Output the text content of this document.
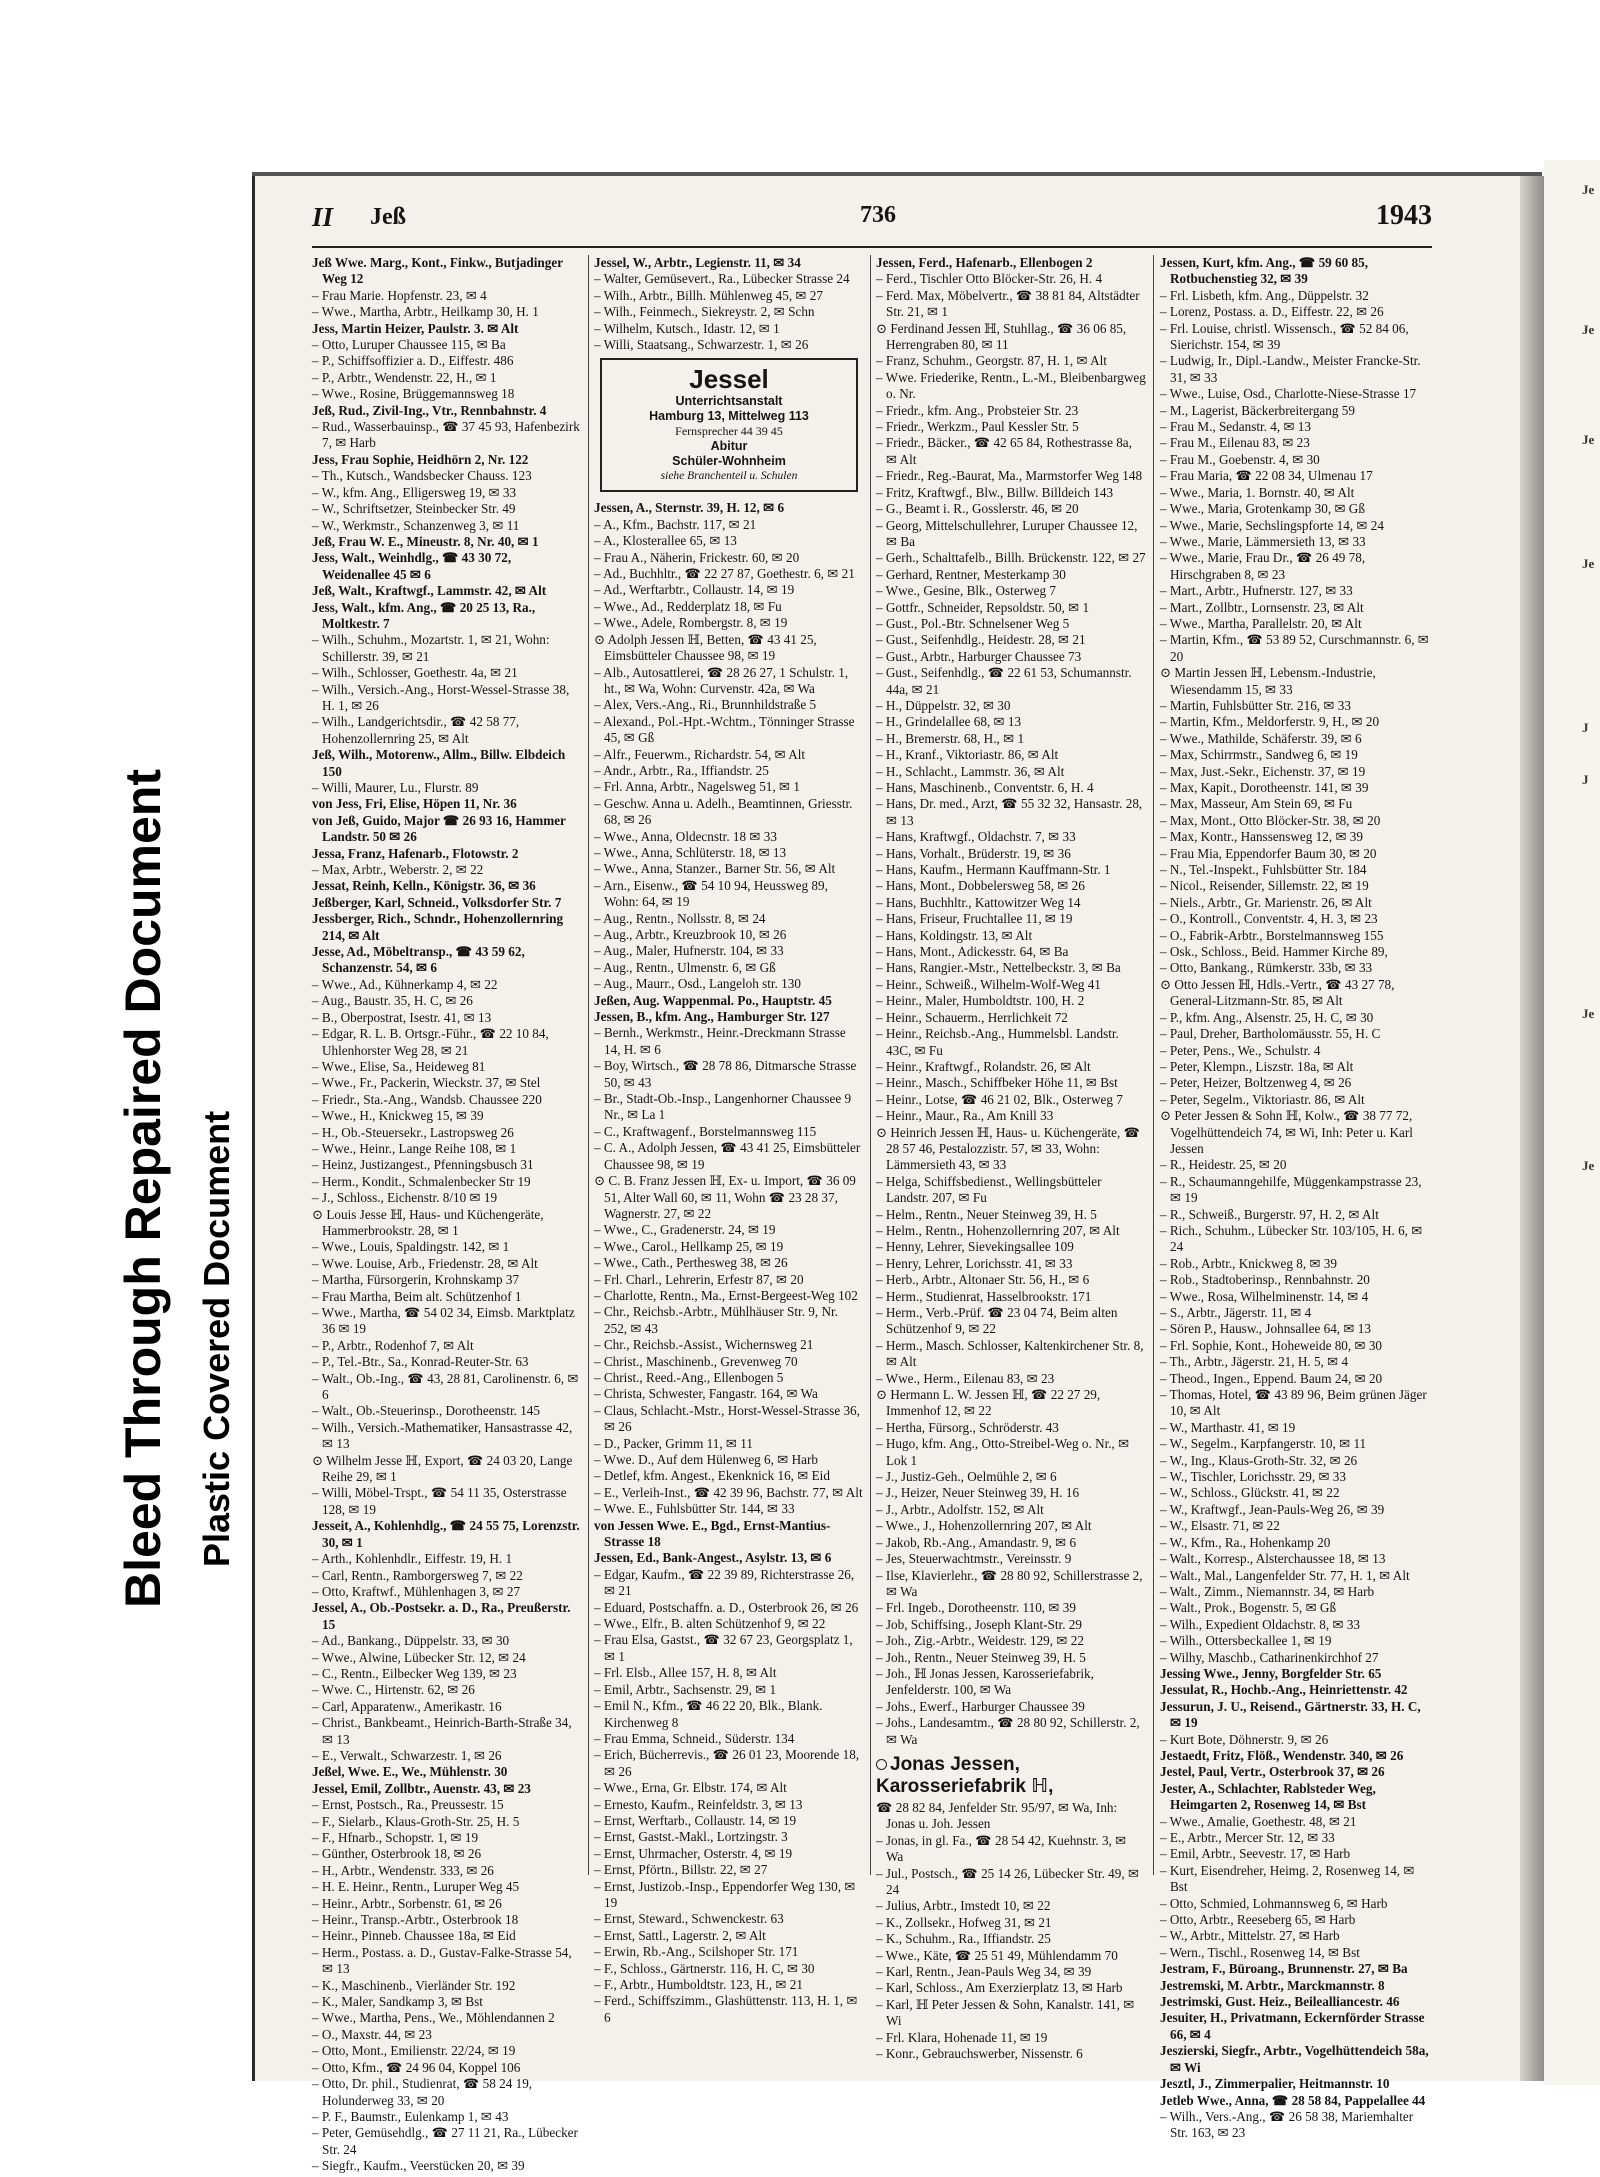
Bleed Through Repaired Document Plastic Covered Document
Je
Je
Je
Je
J
J
Je
Je
II Jeß	736	1943

Jeß Wwe. Marg., Kont., Finkw., Butjadinger Weg 12

– Frau Marie. Hopfenstr. 23, ✉ 4

– Wwe., Martha, Arbtr., Heilkamp 30, H. 1

Jess, Martin Heizer, Paulstr. 3. ✉ Alt

– Otto, Luruper Chaussee 115, ✉ Ba

– P., Schiffsoffizier a. D., Eiffestr. 486

– P., Arbtr., Wendenstr. 22, H., ✉ 1

– Wwe., Rosine, Brüggemannsweg 18

Jeß, Rud., Zivil-Ing., Vtr., Rennbahnstr. 4

– Rud., Wasserbauinsp., ☎ 37 45 93, Hafenbezirk 7, ✉ Harb

Jess, Frau Sophie, Heidhörn 2, Nr. 122

– Th., Kutsch., Wandsbecker Chauss. 123

– W., kfm. Ang., Elligersweg 19, ✉ 33

– W., Schriftsetzer, Steinbecker Str. 49

– W., Werkmstr., Schanzenweg 3, ✉ 11

Jeß, Frau W. E., Mineustr. 8, Nr. 40, ✉ 1

Jess, Walt., Weinhdlg., ☎ 43 30 72, Weidenallee 45 ✉ 6

Jeß, Walt., Kraftwgf., Lammstr. 42, ✉ Alt

Jess, Walt., kfm. Ang., ☎ 20 25 13, Ra., Moltkestr. 7

– Wilh., Schuhm., Mozartstr. 1, ✉ 21, Wohn: Schillerstr. 39, ✉ 21

– Wilh., Schlosser, Goethestr. 4a, ✉ 21

– Wilh., Versich.-Ang., Horst-Wessel-Strasse 38, H. 1, ✉ 26

– Wilh., Landgerichtsdir., ☎ 42 58 77, Hohenzollernring 25, ✉ Alt

Jeß, Wilh., Motorenw., Allm., Billw. Elbdeich 150

– Willi, Maurer, Lu., Flurstr. 89

von Jess, Fri, Elise, Höpen 11, Nr. 36

von Jeß, Guido, Major ☎ 26 93 16, Hammer Landstr. 50 ✉ 26

Jessa, Franz, Hafenarb., Flotowstr. 2

– Max, Arbtr., Weberstr. 2, ✉ 22

Jessat, Reinh, Kelln., Königstr. 36, ✉ 36

Jeßberger, Karl, Schneid., Volksdorfer Str. 7

Jessberger, Rich., Schndr., Hohenzollernring 214, ✉ Alt

Jesse, Ad., Möbeltransp., ☎ 43 59 62, Schanzenstr. 54, ✉ 6

– Wwe., Ad., Kühnerkamp 4, ✉ 22

– Aug., Baustr. 35, H. C, ✉ 26

– B., Oberpostrat, Isestr. 41, ✉ 13

– Edgar, R. L. B. Ortsgr.-Führ., ☎ 22 10 84, Uhlenhorster Weg 28, ✉ 21

– Wwe., Elise, Sa., Heideweg 81

– Wwe., Fr., Packerin, Wieckstr. 37, ✉ Stel

– Friedr., Sta.-Ang., Wandsb. Chaussee 220

– Wwe., H., Knickweg 15, ✉ 39

– H., Ob.-Steuersekr., Lastropsweg 26

– Wwe., Heinr., Lange Reihe 108, ✉ 1

– Heinz, Justizangest., Pfenningsbusch 31

– Herm., Kondit., Schmalenbecker Str 19

– J., Schloss., Eichenstr. 8/10 ✉ 19

⊙ Louis Jesse ℍ, Haus- und Küchengeräte, Hammerbrookstr. 28, ✉ 1

– Wwe., Louis, Spaldingstr. 142, ✉ 1

– Wwe. Louise, Arb., Friedenstr. 28, ✉ Alt

– Martha, Fürsorgerin, Krohnskamp 37

– Frau Martha, Beim alt. Schützenhof 1

– Wwe., Martha, ☎ 54 02 34, Eimsb. Marktplatz 36 ✉ 19

– P., Arbtr., Rodenhof 7, ✉ Alt

– P., Tel.-Btr., Sa., Konrad-Reuter-Str. 63

– Walt., Ob.-Ing., ☎ 43, 28 81, Carolinenstr. 6, ✉ 6

– Walt., Ob.-Steuerinsp., Dorotheenstr. 145

– Wilh., Versich.-Mathematiker, Hansastrasse 42, ✉ 13

⊙ Wilhelm Jesse ℍ, Export, ☎ 24 03 20, Lange Reihe 29, ✉ 1

– Willi, Möbel-Trspt., ☎ 54 11 35, Osterstrasse 128, ✉ 19

Jesseit, A., Kohlenhdlg., ☎ 24 55 75, Lorenzstr. 30, ✉ 1

– Arth., Kohlenhdlr., Eiffestr. 19, H. 1

– Carl, Rentn., Ramborgersweg 7, ✉ 22

– Otto, Kraftwf., Mühlenhagen 3, ✉ 27

Jessel, A., Ob.-Postsekr. a. D., Ra., Preußerstr. 15

– Ad., Bankang., Düppelstr. 33, ✉ 30

– Wwe., Alwine, Lübecker Str. 12, ✉ 24

– C., Rentn., Eilbecker Weg 139, ✉ 23

– Wwe. C., Hirtenstr. 62, ✉ 26

– Carl, Apparatenw., Amerikastr. 16

– Christ., Bankbeamt., Heinrich-Barth-Straße 34, ✉ 13

– E., Verwalt., Schwarzestr. 1, ✉ 26

Jeßel, Wwe. E., We., Mühlenstr. 30

Jessel, Emil, Zollbtr., Auenstr. 43, ✉ 23

– Ernst, Postsch., Ra., Preussestr. 15

– F., Sielarb., Klaus-Groth-Str. 25, H. 5

– F., Hfnarb., Schopstr. 1, ✉ 19

– Günther, Osterbrook 18, ✉ 26

– H., Arbtr., Wendenstr. 333, ✉ 26

– H. E. Heinr., Rentn., Luruper Weg 45

– Heinr., Arbtr., Sorbenstr. 61, ✉ 26

– Heinr., Transp.-Arbtr., Osterbrook 18

– Heinr., Pinneb. Chaussee 18a, ✉ Eid

– Herm., Postass. a. D., Gustav-Falke-Strasse 54, ✉ 13

– K., Maschinenb., Vierländer Str. 192

– K., Maler, Sandkamp 3, ✉ Bst

– Wwe., Martha, Pens., We., Möhlendannen 2

– O., Maxstr. 44, ✉ 23

– Otto, Mont., Emilienstr. 22/24, ✉ 19

– Otto, Kfm., ☎ 24 96 04, Koppel 106

– Otto, Dr. phil., Studienrat, ☎ 58 24 19, Holunderweg 33, ✉ 20

– P. F., Baumstr., Eulenkamp 1, ✉ 43

– Peter, Gemüsehdlg., ☎ 27 11 21, Ra., Lübecker Str. 24

– Siegfr., Kaufm., Veerstücken 20, ✉ 39

Jessel, W., Arbtr., Legienstr. 11, ✉ 34

– Walter, Gemüsevert., Ra., Lübecker Strasse 24

– Wilh., Arbtr., Billh. Mühlenweg 45, ✉ 27

– Wilh., Feinmech., Siekreystr. 2, ✉ Schn

– Wilhelm, Kutsch., Idastr. 12, ✉ 1

– Willi, Staatsang., Schwarzestr. 1, ✉ 26

Jessel
Unterrichtsanstalt
Hamburg 13, Mittelweg 113
Fernsprecher 44 39 45
Abitur
Schüler-Wohnheim
siehe Branchenteil u. Schulen

Jessen, A., Sternstr. 39, H. 12, ✉ 6

– A., Kfm., Bachstr. 117, ✉ 21

– A., Klosterallee 65, ✉ 13

– Frau A., Näherin, Frickestr. 60, ✉ 20

– Ad., Buchhltr., ☎ 22 27 87, Goethestr. 6, ✉ 21

– Ad., Werftarbtr., Collaustr. 14, ✉ 19

– Wwe., Ad., Redderplatz 18, ✉ Fu

– Wwe., Adele, Rombergstr. 8, ✉ 19

⊙ Adolph Jessen ℍ, Betten, ☎ 43 41 25, Eimsbütteler Chaussee 98, ✉ 19

– Alb., Autosattlerei, ☎ 28 26 27, 1 Schulstr. 1, ht., ✉ Wa, Wohn: Curvenstr. 42a, ✉ Wa

– Alex, Vers.-Ang., Ri., Brunnhildstraße 5

– Alexand., Pol.-Hpt.-Wchtm., Tönninger Strasse 45, ✉ Gß

– Alfr., Feuerwm., Richardstr. 54, ✉ Alt

– Andr., Arbtr., Ra., Iffiandstr. 25

– Frl. Anna, Arbtr., Nagelsweg 51, ✉ 1

– Geschw. Anna u. Adelh., Beamtinnen, Griesstr. 68, ✉ 26

– Wwe., Anna, Oldecnstr. 18 ✉ 33

– Wwe., Anna, Schlüterstr. 18, ✉ 13

– Wwe., Anna, Stanzer., Barner Str. 56, ✉ Alt

– Arn., Eisenw., ☎ 54 10 94, Heussweg 89, Wohn: 64, ✉ 19

– Aug., Rentn., Nollsstr. 8, ✉ 24

– Aug., Arbtr., Kreuzbrook 10, ✉ 26

– Aug., Maler, Hufnerstr. 104, ✉ 33

– Aug., Rentn., Ulmenstr. 6, ✉ Gß

– Aug., Maurr., Osd., Langeloh str. 130

Jeßen, Aug. Wappenmal. Po., Hauptstr. 45

Jessen, B., kfm. Ang., Hamburger Str. 127

– Bernh., Werkmstr., Heinr.-Dreckmann Strasse 14, H. ✉ 6

– Boy, Wirtsch., ☎ 28 78 86, Ditmarsche Strasse 50, ✉ 43

– Br., Stadt-Ob.-Insp., Langenhorner Chaussee 9 Nr., ✉ La 1

– C., Kraftwagenf., Borstelmannsweg 115

– C. A., Adolph Jessen, ☎ 43 41 25, Eimsbütteler Chaussee 98, ✉ 19

⊙ C. B. Franz Jessen ℍ, Ex- u. Import, ☎ 36 09 51, Alter Wall 60, ✉ 11, Wohn ☎ 23 28 37, Wagnerstr. 27, ✉ 22

– Wwe., C., Gradenerstr. 24, ✉ 19

– Wwe., Carol., Hellkamp 25, ✉ 19

– Wwe., Cath., Perthesweg 38, ✉ 26

– Frl. Charl., Lehrerin, Erfestr 87, ✉ 20

– Charlotte, Rentn., Ma., Ernst-Bergeest-Weg 102

– Chr., Reichsb.-Arbtr., Mühlhäuser Str. 9, Nr. 252, ✉ 43

– Chr., Reichsb.-Assist., Wichernsweg 21

– Christ., Maschinenb., Grevenweg 70

– Christ., Reed.-Ang., Ellenbogen 5

– Christa, Schwester, Fangastr. 164, ✉ Wa

– Claus, Schlacht.-Mstr., Horst-Wessel-Strasse 36, ✉ 26

– D., Packer, Grimm 11, ✉ 11

– Wwe. D., Auf dem Hülenweg 6, ✉ Harb

– Detlef, kfm. Angest., Ekenknick 16, ✉ Eid

– E., Verleih-Inst., ☎ 42 39 96, Bachstr. 77, ✉ Alt

– Wwe. E., Fuhlsbütter Str. 144, ✉ 33

von Jessen Wwe. E., Bgd., Ernst-Mantius-Strasse 18

Jessen, Ed., Bank-Angest., Asylstr. 13, ✉ 6

– Edgar, Kaufm., ☎ 22 39 89, Richterstrasse 26, ✉ 21

– Eduard, Postschaffn. a. D., Osterbrook 26, ✉ 26

– Wwe., Elfr., B. alten Schützenhof 9, ✉ 22

– Frau Elsa, Gastst., ☎ 32 67 23, Georgsplatz 1, ✉ 1

– Frl. Elsb., Allee 157, H. 8, ✉ Alt

– Emil, Arbtr., Sachsenstr. 29, ✉ 1

– Emil N., Kfm., ☎ 46 22 20, Blk., Blank. Kirchenweg 8

– Frau Emma, Schneid., Süderstr. 134

– Erich, Bücherrevis., ☎ 26 01 23, Moorende 18, ✉ 26

– Wwe., Erna, Gr. Elbstr. 174, ✉ Alt

– Ernesto, Kaufm., Reinfeldstr. 3, ✉ 13

– Ernst, Werftarb., Collaustr. 14, ✉ 19

– Ernst, Gastst.-Makl., Lortzingstr. 3

– Ernst, Uhrmacher, Osterstr. 4, ✉ 19

– Ernst, Pförtn., Billstr. 22, ✉ 27

– Ernst, Justizob.-Insp., Eppendorfer Weg 130, ✉ 19

– Ernst, Steward., Schwenckestr. 63

– Ernst, Sattl., Lagerstr. 2, ✉ Alt

– Erwin, Rb.-Ang., Scilshoper Str. 171

– F., Schloss., Gärtnerstr. 116, H. C, ✉ 30

– F., Arbtr., Humboldtstr. 123, H., ✉ 21

– Ferd., Schiffszimm., Glashüttenstr. 113, H. 1, ✉ 6

Jessen, Ferd., Hafenarb., Ellenbogen 2

– Ferd., Tischler Otto Blöcker-Str. 26, H. 4

– Ferd. Max, Möbelvertr., ☎ 38 81 84, Altstädter Str. 21, ✉ 1

⊙ Ferdinand Jessen ℍ, Stuhllag., ☎ 36 06 85, Herrengraben 80, ✉ 11

– Franz, Schuhm., Georgstr. 87, H. 1, ✉ Alt

– Wwe. Friederike, Rentn., L.-M., Bleibenbargweg o. Nr.

– Friedr., kfm. Ang., Probsteier Str. 23

– Friedr., Werkzm., Paul Kessler Str. 5

– Friedr., Bäcker., ☎ 42 65 84, Rothestrasse 8a, ✉ Alt

– Friedr., Reg.-Baurat, Ma., Marmstorfer Weg 148

– Fritz, Kraftwgf., Blw., Billw. Billdeich 143

– G., Beamt i. R., Gosslerstr. 46, ✉ 20

– Georg, Mittelschullehrer, Luruper Chaussee 12, ✉ Ba

– Gerh., Schalttafelb., Billh. Brückenstr. 122, ✉ 27

– Gerhard, Rentner, Mesterkamp 30

– Wwe., Gesine, Blk., Osterweg 7

– Gottfr., Schneider, Repsoldstr. 50, ✉ 1

– Gust., Pol.-Btr. Schnelsener Weg 5

– Gust., Seifenhdlg., Heidestr. 28, ✉ 21

– Gust., Arbtr., Harburger Chaussee 73

– Gust., Seifenhdlg., ☎ 22 61 53, Schumannstr. 44a, ✉ 21

– H., Düppelstr. 32, ✉ 30

– H., Grindelallee 68, ✉ 13

– H., Bremerstr. 68, H., ✉ 1

– H., Kranf., Viktoriastr. 86, ✉ Alt

– H., Schlacht., Lammstr. 36, ✉ Alt

– Hans, Maschinenb., Conventstr. 6, H. 4

– Hans, Dr. med., Arzt, ☎ 55 32 32, Hansastr. 28, ✉ 13

– Hans, Kraftwgf., Oldachstr. 7, ✉ 33

– Hans, Vorhalt., Brüderstr. 19, ✉ 36

– Hans, Kaufm., Hermann Kauffmann-Str. 1

– Hans, Mont., Dobbelersweg 58, ✉ 26

– Hans, Buchhltr., Kattowitzer Weg 14

– Hans, Friseur, Fruchtallee 11, ✉ 19

– Hans, Koldingstr. 13, ✉ Alt

– Hans, Mont., Adickesstr. 64, ✉ Ba

– Hans, Rangier.-Mstr., Nettelbeckstr. 3, ✉ Ba

– Heinr., Schweiß., Wilhelm-Wolf-Weg 41

– Heinr., Maler, Humboldtstr. 100, H. 2

– Heinr., Schauerm., Herrlichkeit 72

– Heinr., Reichsb.-Ang., Hummelsbl. Landstr. 43C, ✉ Fu

– Heinr., Kraftwgf., Rolandstr. 26, ✉ Alt

– Heinr., Masch., Schiffbeker Höhe 11, ✉ Bst

– Heinr., Lotse, ☎ 46 21 02, Blk., Osterweg 7

– Heinr., Maur., Ra., Am Knill 33

⊙ Heinrich Jessen ℍ, Haus- u. Küchengeräte, ☎ 28 57 46, Pestalozzistr. 57, ✉ 33, Wohn: Lämmersieth 43, ✉ 33

– Helga, Schiffsbedienst., Wellingsbütteler Landstr. 207, ✉ Fu

– Helm., Rentn., Neuer Steinweg 39, H. 5

– Helm., Rentn., Hohenzollernring 207, ✉ Alt

– Henny, Lehrer, Sievekingsallee 109

– Henry, Lehrer, Lorichsstr. 41, ✉ 33

– Herb., Arbtr., Altonaer Str. 56, H., ✉ 6

– Herm., Studienrat, Hasselbrookstr. 171

– Herm., Verb.-Prüf. ☎ 23 04 74, Beim alten Schützenhof 9, ✉ 22

– Herm., Masch. Schlosser, Kaltenkirchener Str. 8, ✉ Alt

– Wwe., Herm., Eilenau 83, ✉ 23

⊙ Hermann L. W. Jessen ℍ, ☎ 22 27 29, Immenhof 12, ✉ 22

– Hertha, Fürsorg., Schröderstr. 43

– Hugo, kfm. Ang., Otto-Streibel-Weg o. Nr., ✉ Lok 1

– J., Justiz-Geh., Oelmühle 2, ✉ 6

– J., Heizer, Neuer Steinweg 39, H. 16

– J., Arbtr., Adolfstr. 152, ✉ Alt

– Wwe., J., Hohenzollernring 207, ✉ Alt

– Jakob, Rb.-Ang., Amandastr. 9, ✉ 6

– Jes, Steuerwachtmstr., Vereinsstr. 9

– Ilse, Klavierlehr., ☎ 28 80 92, Schillerstrasse 2, ✉ Wa

– Frl. Ingeb., Dorotheenstr. 110, ✉ 39

– Job, Schiffsing., Joseph Klant-Str. 29

– Joh., Zig.-Arbtr., Weidestr. 129, ✉ 22

– Joh., Rentn., Neuer Steinweg 39, H. 5

– Joh., ℍ Jonas Jessen, Karosseriefabrik, Jenfelderstr. 100, ✉ Wa

– Johs., Ewerf., Harburger Chaussee 39

– Johs., Landesamtm., ☎ 28 80 92, Schillerstr. 2, ✉ Wa

Jonas Jessen, Karosseriefabrik ℍ,

☎ 28 82 84, Jenfelder Str. 95/97, ✉ Wa, Inh: Jonas u. Joh. Jessen

– Jonas, in gl. Fa., ☎ 28 54 42, Kuehnstr. 3, ✉ Wa

– Jul., Postsch., ☎ 25 14 26, Lübecker Str. 49, ✉ 24

– Julius, Arbtr., Imstedt 10, ✉ 22

– K., Zollsekr., Hofweg 31, ✉ 21

– K., Schuhm., Ra., Iffiandstr. 25

– Wwe., Käte, ☎ 25 51 49, Mühlendamm 70

– Karl, Rentn., Jean-Pauls Weg 34, ✉ 39

– Karl, Schloss., Am Exerzierplatz 13, ✉ Harb

– Karl, ℍ Peter Jessen & Sohn, Kanalstr. 141, ✉ Wi

– Frl. Klara, Hohenade 11, ✉ 19

– Konr., Gebrauchswerber, Nissenstr. 6

Jessen, Kurt, kfm. Ang., ☎ 59 60 85, Rotbuchenstieg 32, ✉ 39

– Frl. Lisbeth, kfm. Ang., Düppelstr. 32

– Lorenz, Postass. a. D., Eiffestr. 22, ✉ 26

– Frl. Louise, christl. Wissensch., ☎ 52 84 06, Sierichstr. 154, ✉ 39

– Ludwig, Ir., Dipl.-Landw., Meister Francke-Str. 31, ✉ 33

– Wwe., Luise, Osd., Charlotte-Niese-Strasse 17

– M., Lagerist, Bäckerbreitergang 59

– Frau M., Sedanstr. 4, ✉ 13

– Frau M., Eilenau 83, ✉ 23

– Frau M., Goebenstr. 4, ✉ 30

– Frau Maria, ☎ 22 08 34, Ulmenau 17

– Wwe., Maria, 1. Bornstr. 40, ✉ Alt

– Wwe., Maria, Grotenkamp 30, ✉ Gß

– Wwe., Marie, Sechslingspforte 14, ✉ 24

– Wwe., Marie, Lämmersieth 13, ✉ 33

– Wwe., Marie, Frau Dr., ☎ 26 49 78, Hirschgraben 8, ✉ 23

– Mart., Arbtr., Hufnerstr. 127, ✉ 33

– Mart., Zollbtr., Lornsenstr. 23, ✉ Alt

– Wwe., Martha, Parallelstr. 20, ✉ Alt

– Martin, Kfm., ☎ 53 89 52, Curschmannstr. 6, ✉ 20

⊙ Martin Jessen ℍ, Lebensm.-Industrie, Wiesendamm 15, ✉ 33

– Martin, Fuhlsbütter Str. 216, ✉ 33

– Martin, Kfm., Meldorferstr. 9, H., ✉ 20

– Wwe., Mathilde, Schäferstr. 39, ✉ 6

– Max, Schirrmstr., Sandweg 6, ✉ 19

– Max, Just.-Sekr., Eichenstr. 37, ✉ 19

– Max, Kapit., Dorotheenstr. 141, ✉ 39

– Max, Masseur, Am Stein 69, ✉ Fu

– Max, Mont., Otto Blöcker-Str. 38, ✉ 20

– Max, Kontr., Hanssensweg 12, ✉ 39

– Frau Mia, Eppendorfer Baum 30, ✉ 20

– N., Tel.-Inspekt., Fuhlsbütter Str. 184

– Nicol., Reisender, Sillemstr. 22, ✉ 19

– Niels., Arbtr., Gr. Marienstr. 26, ✉ Alt

– O., Kontroll., Conventstr. 4, H. 3, ✉ 23

– O., Fabrik-Arbtr., Borstelmannsweg 155

– Osk., Schloss., Beid. Hammer Kirche 89,

– Otto, Bankang., Rümkerstr. 33b, ✉ 33

⊙ Otto Jessen ℍ, Hdls.-Vertr., ☎ 43 27 78, General-Litzmann-Str. 85, ✉ Alt

– P., kfm. Ang., Alsenstr. 25, H. C, ✉ 30

– Paul, Dreher, Bartholomäusstr. 55, H. C

– Peter, Pens., We., Schulstr. 4

– Peter, Klempn., Liszstr. 18a, ✉ Alt

– Peter, Heizer, Boltzenweg 4, ✉ 26

– Peter, Segelm., Viktoriastr. 86, ✉ Alt

⊙ Peter Jessen & Sohn ℍ, Kolw., ☎ 38 77 72, Vogelhüttendeich 74, ✉ Wi, Inh: Peter u. Karl Jessen

– R., Heidestr. 25, ✉ 20

– R., Schaumanngehilfe, Müggenkampstrasse 23, ✉ 19

– R., Schweiß., Burgerstr. 97, H. 2, ✉ Alt

– Rich., Schuhm., Lübecker Str. 103/105, H. 6, ✉ 24

– Rob., Arbtr., Knickweg 8, ✉ 39

– Rob., Stadtoberinsp., Rennbahnstr. 20

– Wwe., Rosa, Wilhelminenstr. 14, ✉ 4

– S., Arbtr., Jägerstr. 11, ✉ 4

– Sören P., Hausw., Johnsallee 64, ✉ 13

– Frl. Sophie, Kont., Hoheweide 80, ✉ 30

– Th., Arbtr., Jägerstr. 21, H. 5, ✉ 4

– Theod., Ingen., Eppend. Baum 24, ✉ 20

– Thomas, Hotel, ☎ 43 89 96, Beim grünen Jäger 10, ✉ Alt

– W., Marthastr. 41, ✉ 19

– W., Segelm., Karpfangerstr. 10, ✉ 11

– W., Ing., Klaus-Groth-Str. 32, ✉ 26

– W., Tischler, Lorichsstr. 29, ✉ 33

– W., Schloss., Glückstr. 41, ✉ 22

– W., Kraftwgf., Jean-Pauls-Weg 26, ✉ 39

– W., Elsastr. 71, ✉ 22

– W., Kfm., Ra., Hohenkamp 20

– Walt., Korresp., Alsterchaussee 18, ✉ 13

– Walt., Mal., Langenfelder Str. 77, H. 1, ✉ Alt

– Walt., Zimm., Niemannstr. 34, ✉ Harb

– Walt., Prok., Bogenstr. 5, ✉ Gß

– Wilh., Expedient Oldachstr. 8, ✉ 33

– Wilh., Ottersbeckallee 1, ✉ 19

– Wilhy, Maschb., Catharinenkirchhof 27

Jessing Wwe., Jenny, Borgfelder Str. 65

Jessulat, R., Hochb.-Ang., Heinriettenstr. 42

Jessurun, J. U., Reisend., Gärtnerstr. 33, H. C, ✉ 19

– Kurt Bote, Döhnerstr. 9, ✉ 26

Jestaedt, Fritz, Flöß., Wendenstr. 340, ✉ 26

Jestel, Paul, Vertr., Osterbrook 37, ✉ 26

Jester, A., Schlachter, Rablsteder Weg, Heimgarten 2, Rosenweg 14, ✉ Bst

– Wwe., Amalie, Goethestr. 48, ✉ 21

– E., Arbtr., Mercer Str. 12, ✉ 33

– Emil, Arbtr., Seevestr. 17, ✉ Harb

– Kurt, Eisendreher, Heimg. 2, Rosenweg 14, ✉ Bst

– Otto, Schmied, Lohmannsweg 6, ✉ Harb

– Otto, Arbtr., Reeseberg 65, ✉ Harb

– W., Arbtr., Mittelstr. 27, ✉ Harb

– Wern., Tischl., Rosenweg 14, ✉ Bst

Jestram, F., Büroang., Brunnenstr. 27, ✉ Ba

Jestremski, M. Arbtr., Marckmannstr. 8

Jestrimski, Gust. Heiz., Beilealliancestr. 46

Jesuiter, H., Privatmann, Eckernförder Strasse 66, ✉ 4

Jeszierski, Siegfr., Arbtr., Vogelhüttendeich 58a, ✉ Wi

Jesztl, J., Zimmerpalier, Heitmannstr. 10

Jetleb Wwe., Anna, ☎ 28 58 84, Pappelallee 44

– Wilh., Vers.-Ang., ☎ 26 58 38, Mariemhalter Str. 163, ✉ 23
